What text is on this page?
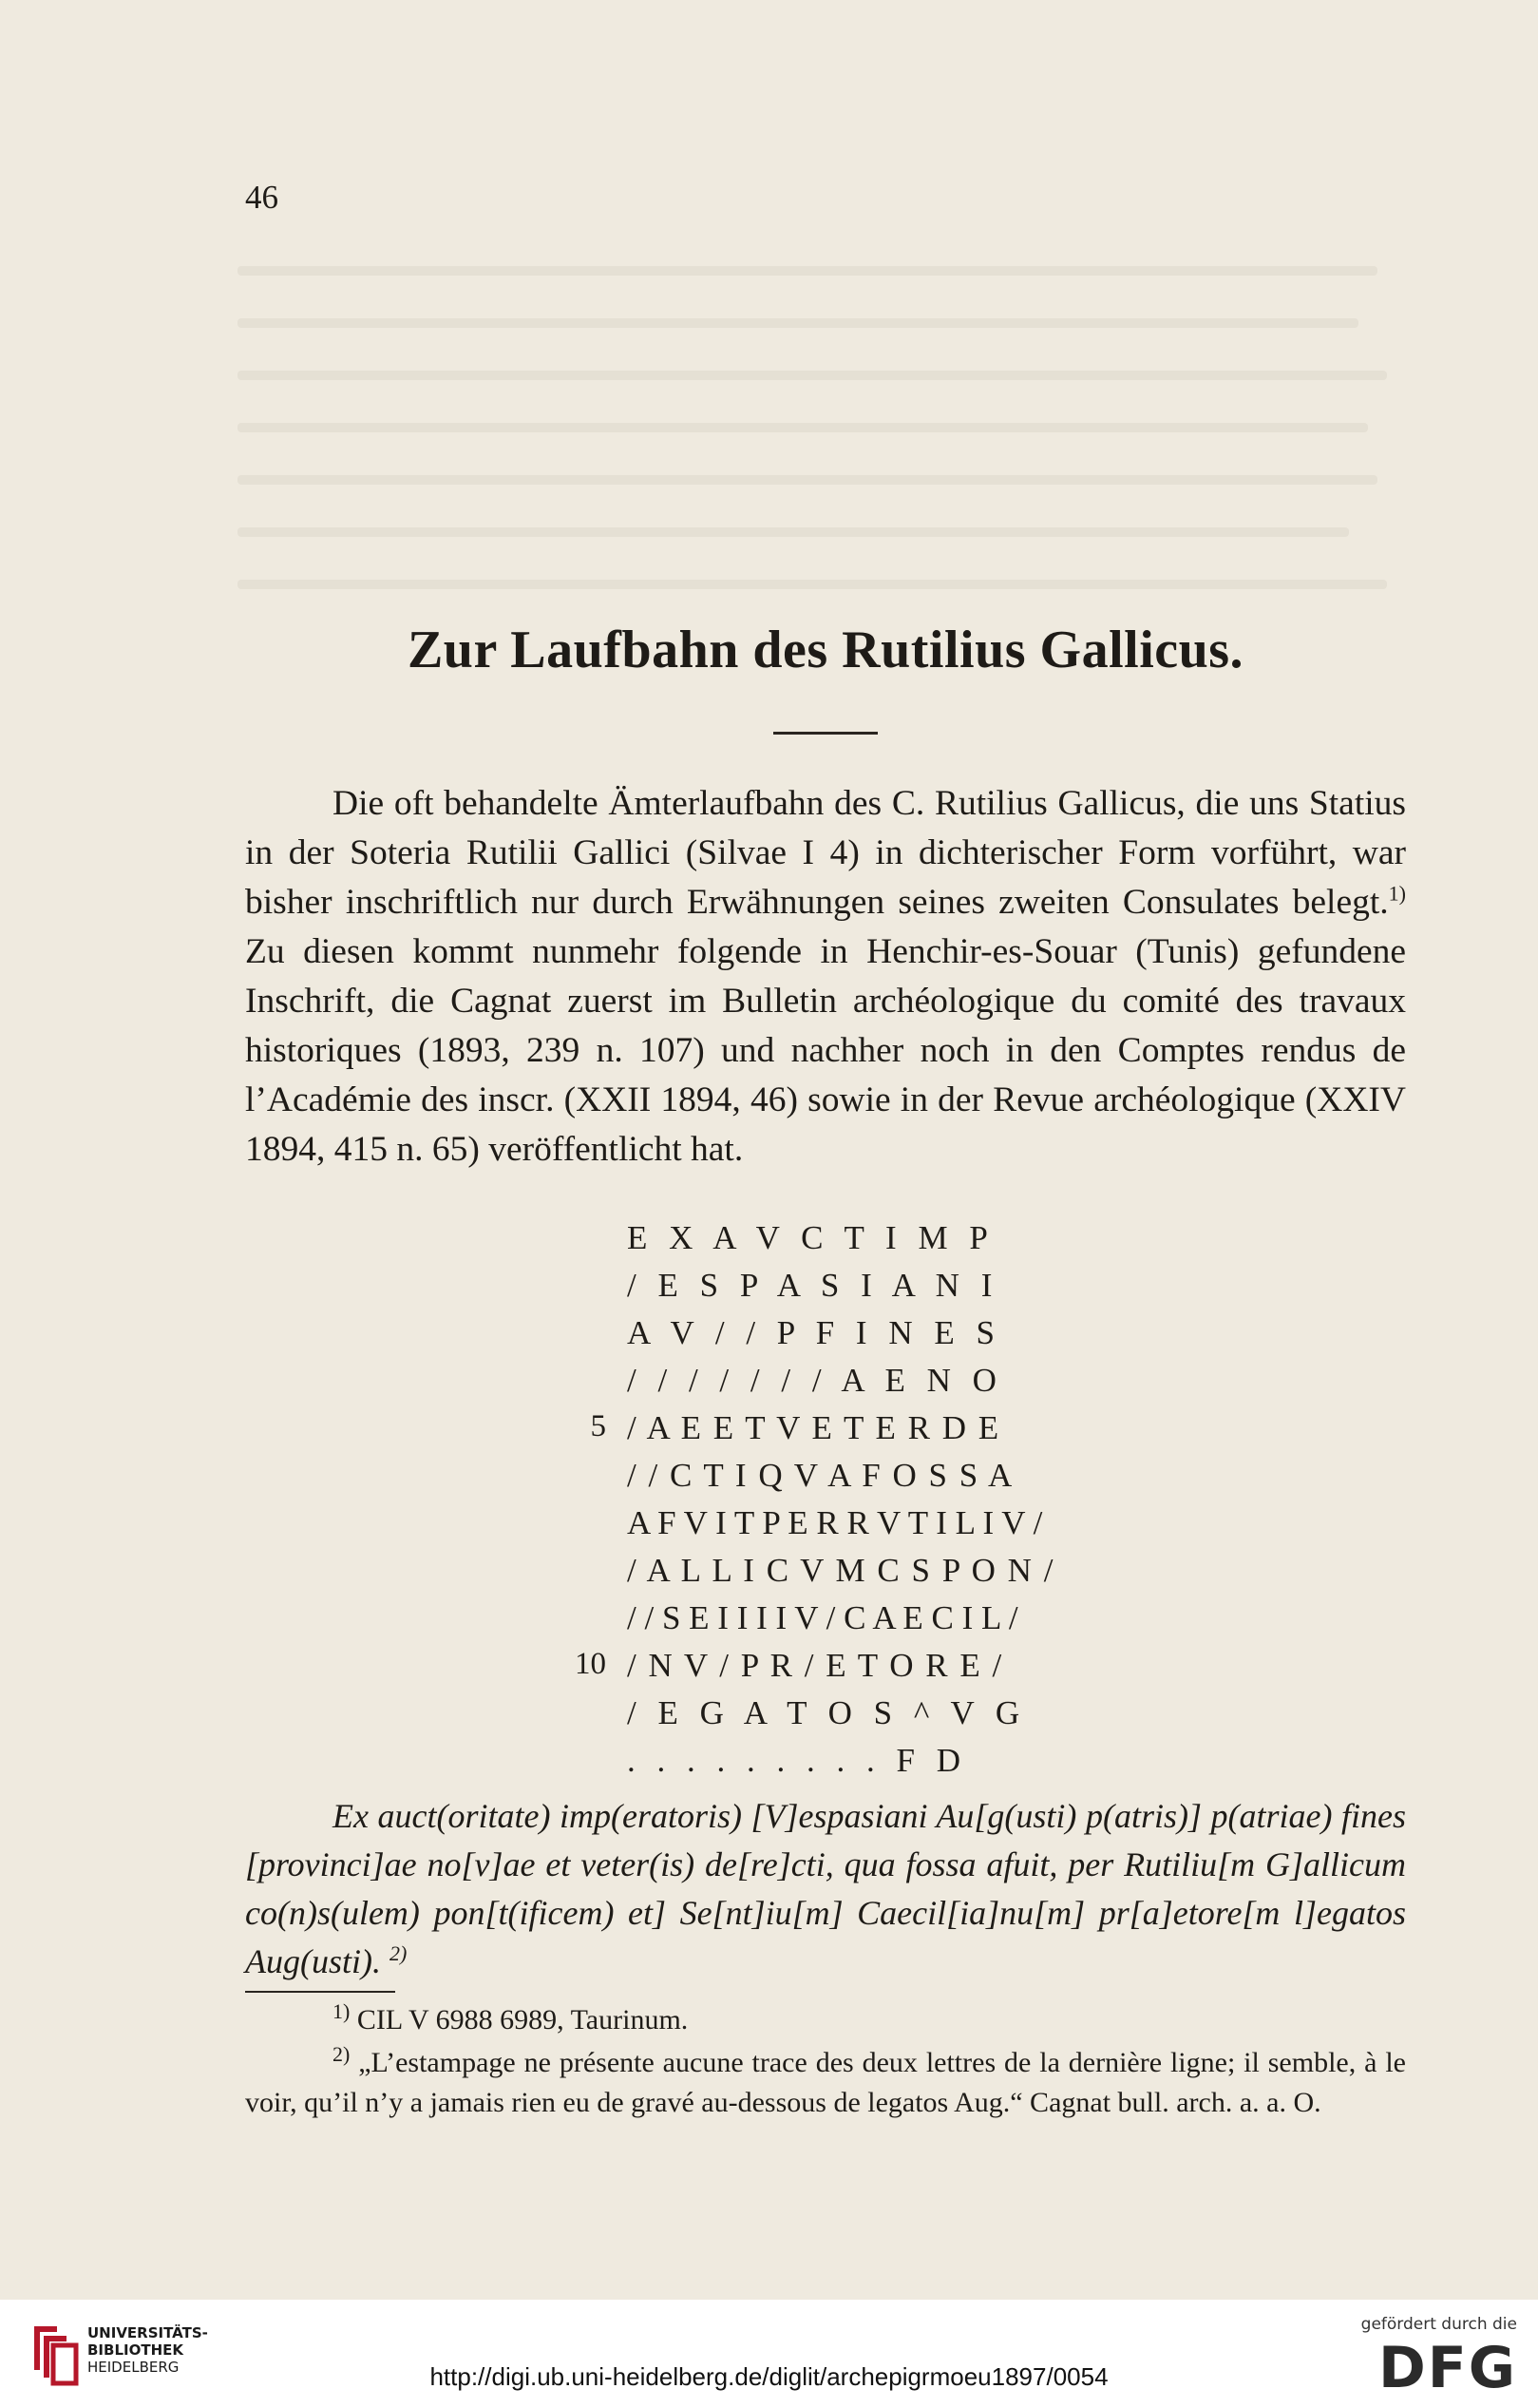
46
Zur Laufbahn des Rutilius Gallicus.

Die oft behandelte Ämterlaufbahn des C. Rutilius Gallicus, die uns Statius in der Soteria Rutilii Gallici (Silvae I 4) in dichterischer Form vorführt, war bisher inschriftlich nur durch Erwähnungen seines zweiten Consulates belegt.$^{1)}$ Zu diesen kommt nunmehr folgende in Henchir-es-Souar (Tunis) gefundene Inschrift, die Cagnat zuerst im Bulletin archéologique du comité des travaux historiques (1893, 239 n. 107) und nachher noch in den Comptes rendus de l’Académie des inscr. (XXII 1894, 46) sowie in der Revue archéologique (XXIV 1894, 415 n. 65) veröffentlicht hat.

E X A V C T I M P
/ E S P A S I A N I
A V / / P F I N E S
/ / / / / / / A E N O
5 / A E E T V E T E R D E
/ / C T I Q V A F O S S A
A F V I T P E R R V T I L I V /
/ A L L I C V M C S P O N /
/ / S E I I I I V / C A E C I L /
10 / N V / P R / E T O R E /
/ E G A T O S ^ V G
. . . . . . . . . F D

Ex auct(oritate) imp(eratoris) [V]espasiani Au[g(usti) p(atris)] p(atriae) fines [provinci]ae no[v]ae et veter(is) de[re]cti, qua fossa afuit, per Rutiliu[m G]allicum co(n)s(ulem) pon[t(ificem) et] Se[nt]iu[m] Caecil[ia]nu[m] pr[a]etore[m l]egatos Aug(usti). $^{2)}$

$^{1)}$ CIL V 6988 6989, Taurinum.

$^{2)}$ „L’estampage ne présente aucune trace des deux lettres de la dernière ligne; il semble, à le voir, qu’il n’y a jamais rien eu de gravé au-dessous de legatos Aug.“ Cagnat bull. arch. a. a. O.

UNIVERSITÄTS-
BIBLIOTHEK
HEIDELBERG	http://digi.ub.uni-heidelberg.de/diglit/archepigrmoeu1897/0054
gefördert durch die
DFG
